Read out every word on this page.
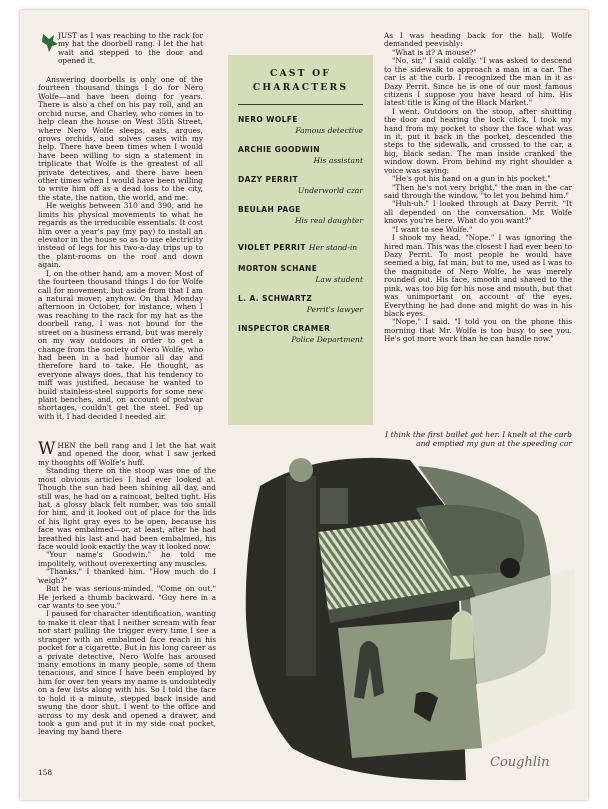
JUST as I was reaching to the rack for my hat the doorbell rang. I let the hat wait and stepped to the door and opened it.

Answering doorbells is only one of the fourteen thousand things I do for Nero Wolfe—and have been doing for years. There is also a chef on his pay roll, and an orchid nurse, and Charley, who comes in to help clean the house on West 35th Street, where Nero Wolfe sleeps, eats, argues, grows orchids, and solves cases with my help. There have been times when I would have been willing to sign a statement in triplicate that Wolfe is the greatest of all private detectives, and there have been other times when I would have been willing to write him off as a dead loss to the city, the state, the nation, the world, and me.

He weighs between 310 and 390, and he limits his physical movements to what he regards as the irreducible essentials. It cost him over a year's pay (my pay) to install an elevator in the house so as to use electricity instead of legs for his two-a-day trips up to the plant-rooms on the roof and down again.

I, on the other hand, am a mover. Most of the fourteen thousand things I do for Wolfe call for movement, but aside from that I am a natural mover, anyhow. On that Monday afternoon in October, for instance, when I was reaching to the rack for my hat as the doorbell rang, I was not bound for the street on a business errand, but was merely on my way outdoors in order to get a change from the society of Nero Wolfe, who had been in a bad humor all day and therefore hard to take. He thought, as everyone always does, that his tendency to miff was justified, because he wanted to build stainless-steel supports for some new plant benches, and, on account of postwar shortages, couldn't get the steel. Fed up with it, I had decided I needed air.

CAST OF
CHARACTERS
NERO WOLFE
Famous detective
ARCHIE GOODWIN
His assistant
DAZY PERRIT
Underworld czar
BEULAH PAGE
His real daughter
VIOLET PERRIT Her stand-in
MORTON SCHANE
Law student
L. A. SCHWARTZ
Perrit's lawyer
INSPECTOR CRAMER
Police Department

As I was heading back for the hall, Wolfe demanded peevishly:

"What is it? A mouse?"

"No, sir," I said coldly. "I was asked to descend to the sidewalk to approach a man in a car. The car is at the curb. I recognized the man in it as Dazy Perrit. Since he is one of our most famous citizens I suppose you have heard of him. His latest title is King of the Black Market."

I went. Outdoors on the stoop, after shutting the door and hearing the lock click, I took my hand from my pocket to show the face what was in it, put it back in the pocket, descended the steps to the sidewalk, and crossed to the car, a big, black sedan. The man inside cranked the window down. From behind my right shoulder a voice was saying:

"He's got his hand on a gun in his pocket."

"Then he's not very bright," the man in the car said through the window, "to let you behind him."

"Huh-uh." I looked through at Dazy Perrit. "It all depended on the conversation. Mr. Wolfe knows you're here. What do you want?"

"I want to see Wolfe."

I shook my head. "Nope." I was ignoring the hired man. This was the closest I had ever been to Dazy Perrit. To most people he would have seemed a big, fat man, but to me, used as I was to the magnitude of Nero Wolfe, he was merely rounded out. His face, smooth and shaved to the pink, was too big for his nose and mouth, but that was unimportant on account of the eyes. Everything he had done and might do was in his black eyes.

"Nope," I said. "I told you on the phone this morning that Mr. Wolfe is too busy to see you. He's got more work than he can handle now."

I think the first bullet got her. I knelt at the curb and emptied my gun at the speeding car
Coughlin

WHEN the bell rang and I let the hat wait and opened the door, what I saw jerked my thoughts off Wolfe's huff.

Standing there on the stoop was one of the most obvious articles I had ever looked at. Though the sun had been shining all day, and still was, he had on a raincoat, belted tight. His hat, a glossy black felt number, was too small for him, and it looked out of place for the lids of his light gray eyes to be open, because his face was embalmed—or, at least, after he had breathed his last and had been embalmed, his face would look exactly the way it looked now.

"Your name's Goodwin," he told me impolitely, without overexerting any muscles.

"Thanks," I thanked him. "How much do I weigh?"

But he was serious-minded. "Come on out." He jerked a thumb backward. "Guy here in a car wants to see you."

I paused for character identification, wanting to make it clear that I neither scream with fear nor start pulling the trigger every time I see a stranger with an embalmed face reach in his pocket for a cigarette. But in his long career as a private detective, Nero Wolfe has aroused many emotions in many people, some of them tenacious, and since I have been employed by him for over ten years my name is undoubtedly on a few lists along with his. So I told the face to hold it a minute, stepped back inside and swung the door shut. I went to the office and across to my desk and opened a drawer, and took a gun and put it in my side coat pocket, leaving my hand there

158
